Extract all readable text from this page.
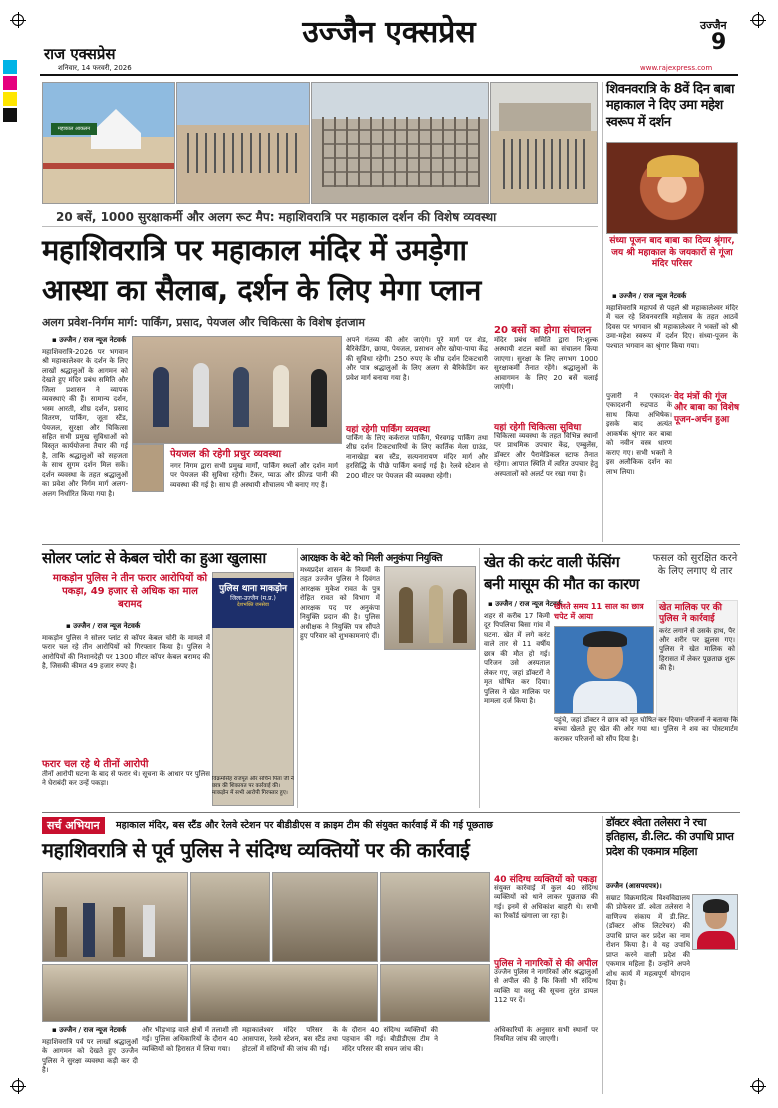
उज्जैन एक्सप्रेस
राज एक्सप्रेस
शनिवार, 14 फरवरी, 2026
उज्जैन
9
www.rajexpress.com
महाकाल आकलन
20 बसें, 1000 सुरक्षाकर्मी और अलग रूट मैप: महाशिवरात्रि पर महाकाल दर्शन की विशेष व्यवस्था
महाशिवरात्रि पर महाकाल मंदिर में उमड़ेगा
आस्था का सैलाब, दर्शन के लिए मेगा प्लान
अलग प्रवेश-निर्गम मार्ग: पार्किंग, प्रसाद, पेयजल और चिकित्सा के विशेष इंतजाम
▪ उज्जैन / राज न्यूज नेटवर्क
महाशिवरात्रि-2026 पर भगवान श्री महाकालेश्वर के दर्शन के लिए लाखों श्रद्धालुओं के आगमन को देखते हुए मंदिर प्रबंध समिति और जिला प्रशासन ने व्यापक व्यवस्थाएं की हैं। सामान्य दर्शन, भस्म आरती, शीघ्र दर्शन, प्रसाद वितरण, पार्किंग, जूता स्टैंड, पेयजल, सुरक्षा और चिकित्सा सहित सभी प्रमुख सुविधाओं को विस्तृत कार्ययोजना तैयार की गई है, ताकि श्रद्धालुओं को सहजता के साथ सुगम दर्शन मिल सकें। दर्शन व्यवस्था के तहत श्रद्धालुओं का प्रवेश और निर्गम मार्ग अलग-अलग निर्धारित किया गया है।
पेयजल की रहेगी प्रचुर व्यवस्था
नगर निगम द्वारा सभी प्रमुख मार्गों, पार्किंग स्थलों और दर्शन मार्ग पर पेयजल की सुविधा रहेगी। टैंकर, प्याऊ और फ्रीज्ड पानी की व्यवस्था की गई है। साथ ही अस्थायी शौचालय भी बनाए गए हैं।
अपने गंतव्य की ओर जाएंगे। पूरे मार्ग पर शेड, बैरिकेडिंग, छाया, पेयजल, प्रसाधन और खोया-पाया केंद्र की सुविधा रहेगी। 250 रुपए के शीघ्र दर्शन टिकटधारी और पात्र श्रद्धालुओं के लिए अलग से बैरिकेडिंग कर प्रवेश मार्ग बनाया गया है।
यहां रहेगी पार्किंग व्यवस्था
पार्किंग के लिए कर्कराज पार्किंग, भैरवगढ़ पार्किंग तथा शीघ्र दर्शन टिकटधारियों के लिए कार्तिक मेला ग्राउंड, नानाखेड़ा बस स्टैंड, सत्यनारायण मंदिर मार्ग और हरसिद्धि के पीछे पार्किंग बनाई गई है। रेलवे स्टेशन से 200 मीटर पर पेयजल की व्यवस्था रहेगी।
20 बसों का होगा संचालन
मंदिर प्रबंध समिति द्वारा नि:शुल्क अस्थायी शटल बसों का संचालन किया जाएगा। सुरक्षा के लिए लगभग 1000 सुरक्षाकर्मी तैनात रहेंगे। श्रद्धालुओं के आवागमन के लिए 20 बसें चलाई जाएंगी।
यहां रहेगी चिकित्सा सुविधा
चिकित्सा व्यवस्था के तहत विभिन्न स्थानों पर प्राथमिक उपचार केंद्र, एम्बुलेंस, डॉक्टर और पैरामेडिकल स्टाफ तैनात रहेगा। आपात स्थिति में त्वरित उपचार हेतु अस्पतालों को अलर्ट पर रखा गया है।
शिवनवरात्रि के 8वें दिन बाबा महाकाल ने दिए उमा महेश स्वरूप में दर्शन
संध्या पूजन बाद बाबा का दिव्य श्रृंगार, जय श्री महाकाल के जयकारों से गूंजा मंदिर परिसर
▪ उज्जैन / राज न्यूज नेटवर्क
महाशिवरात्रि महापर्व से पहले श्री महाकालेश्वर मंदिर में चल रहे शिवनवरात्रि महोत्सव के तहत आठवें दिवस पर भगवान श्री महाकालेश्वर ने भक्तों को श्री उमा-महेश स्वरूप में दर्शन दिए। संध्या-पूजन के पश्चात भगवान का श्रृंगार किया गया।
वेद मंत्रों की गूंज और बाबा का विशेष पूजन-अर्चन हुआ
पुजारी ने एकादश-एकादशनी रुद्रपाठ के साथ किया अभिषेक। इसके बाद अत्यंत आकर्षक श्रृंगार कर बाबा को नवीन वस्त्र धारण कराए गए। सभी भक्तों ने इस अलौकिक दर्शन का लाभ लिया।
सोलर प्लांट से केबल चोरी का हुआ खुलासा
माकड़ोन पुलिस ने तीन फरार आरोपियों को पकड़ा, 49 हजार से अधिक का माल बरामद
▪ उज्जैन / राज न्यूज नेटवर्क
माकड़ोन पुलिस ने सोलर प्लांट से कॉपर केबल चोरी के मामले में फरार चल रहे तीन आरोपियों को गिरफ्तार किया है। पुलिस ने आरोपियों की निशानदेही पर 1300 मीटर कॉपर केबल बरामद की है, जिसकी कीमत 49 हजार रुपए है।
फरार चल रहे थे तीनों आरोपी
तीनों आरोपी घटना के बाद से फरार थे। सूचना के आधार पर पुलिस ने घेराबंदी कर उन्हें पकड़ा।
पुलिस थाना माकड़ोन
जिला-उज्जैन (म.प्र.)
देशभक्ति जनसेवा
विक्रमसिंह राजपूत और सचिन पिता जी ने छात्र की शिकायत पर कार्रवाई की। माकड़ोन में सभी आरोपी गिरफ्तार हुए।
आरक्षक के बेटे को मिली अनुकंपा नियुक्ति
मध्यप्रदेश शासन के नियमों के तहत उज्जैन पुलिस ने दिवंगत आरक्षक मुकेश रावत के पुत्र रोहित रावत को विभाग में आरक्षक पद पर अनुकंपा नियुक्ति प्रदान की है। पुलिस अधीक्षक ने नियुक्ति पत्र सौंपते हुए परिवार को शुभकामनाएं दीं।
खेत की करंट वाली फेंसिंग
बनी मासूम की मौत का कारण
फसल को सुरक्षित करने के लिए लगाए थे तार
▪ उज्जैन / राज न्यूज नेटवर्क
शहर से करीब 17 किमी दूर पिपलिया बिसा गांव में घटना. खेत में लगे करंट वाले तार से 11 वर्षीय छात्र की मौत हो गई। परिजन उसे अस्पताल लेकर गए, जहां डॉक्टरों ने मृत घोषित कर दिया। पुलिस ने खेत मालिक पर मामला दर्ज किया है।
खेलते समय 11 साल का छात्र चपेट में आया
खेत मालिक पर की पुलिस ने कार्रवाई
करंट लगाने से उसके हाथ, पैर और शरीर पर झुलस गए। पुलिस ने खेत मालिक को हिरासत में लेकर पूछताछ शुरू की है।
पहुंचे, जहां डॉक्टर ने छात्र को मृत घोषित कर दिया। परिजनों ने बताया कि बच्चा खेलते हुए खेत की ओर गया था। पुलिस ने शव का पोस्टमार्टम कराकर परिजनों को सौंप दिया है।
सर्च अभियान	महाकाल मंदिर, बस स्टैंड और रेलवे स्टेशन पर बीडीडीएस व क्राइम टीम की संयुक्त कार्रवाई में की गई पूछताछ
महाशिवरात्रि से पूर्व पुलिस ने संदिग्ध व्यक्तियों पर की कार्रवाई
40 संदिग्ध व्यक्तियों को पकड़ा
संयुक्त कार्रवाई में कुल 40 संदिग्ध व्यक्तियों को थाने लाकर पूछताछ की गई। इनमें से अधिकांश बाहरी थे। सभी का रिकॉर्ड खंगाला जा रहा है।
पुलिस ने नागरिकों से की अपील
उज्जैन पुलिस ने नागरिकों और श्रद्धालुओं से अपील की है कि किसी भी संदिग्ध व्यक्ति या वस्तु की सूचना तुरंत डायल 112 पर दें।
▪ उज्जैन / राज न्यूज नेटवर्क
महाशिवरात्रि पर्व पर लाखों श्रद्धालुओं के आगमन को देखते हुए उज्जैन पुलिस ने सुरक्षा व्यवस्था कड़ी कर दी है।
और भीड़भाड़ वाले क्षेत्रों में तलाशी ली गई। पुलिस अधिकारियों के दौरान 40 व्यक्तियों को हिरासत में लिया गया।
महाकालेश्वर मंदिर परिसर के आसपास, रेलवे स्टेशन, बस स्टैंड तथा होटलों में संदिग्धों की जांच की गई।
के दौरान 40 संदिग्ध व्यक्तियों की पहचान की गई। बीडीडीएस टीम ने मंदिर परिसर की सघन जांच की।
अधिकारियों के अनुसार सभी स्थानों पर नियमित जांच की जाएगी।
डॉक्टर श्वेता तलेसरा ने रचा इतिहास, डी.लिट. की उपाधि प्राप्त प्रदेश की एकमात्र महिला
उज्जैन (आसपदपत्र)।
सम्राट विक्रमादित्य विश्वविद्यालय की प्रोफेसर डॉ. श्वेता तलेसरा ने वाणिज्य संकाय में डी.लिट. (डॉक्टर ऑफ लिटरेचर) की उपाधि प्राप्त कर प्रदेश का नाम रोशन किया है। वे यह उपाधि प्राप्त करने वाली प्रदेश की एकमात्र महिला हैं। उन्होंने अपने शोध कार्य में महत्वपूर्ण योगदान दिया है।
